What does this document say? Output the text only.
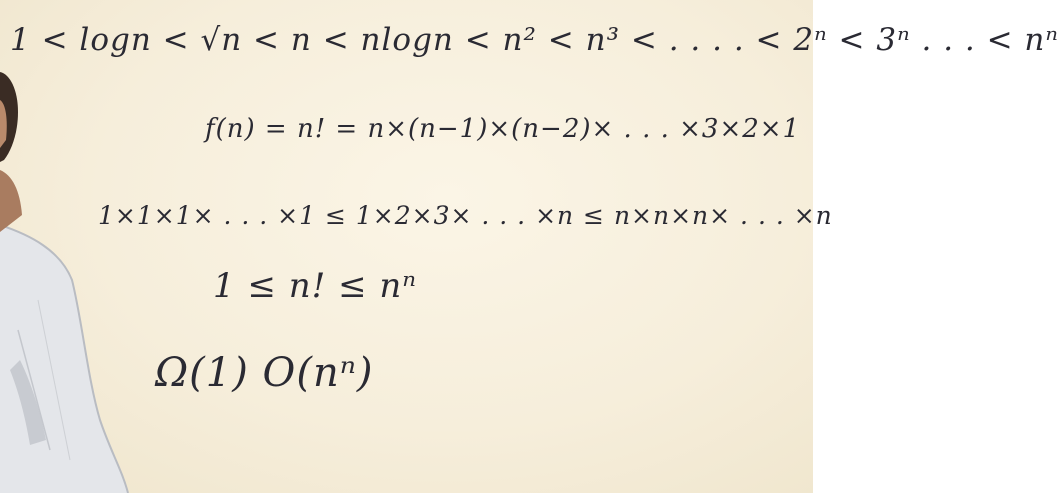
1 < logn < √n < n < nlogn < n² < n³ < . . . . < 2ⁿ < 3ⁿ . . . < nⁿ
f(n) = n! = n×(n−1)×(n−2)× . . . ×3×2×1
1×1×1× . . . ×1 ≤ 1×2×3× . . . ×n ≤ n×n×n× . . . ×n
1 ≤ n! ≤ nⁿ
Ω(1) O(nⁿ)
